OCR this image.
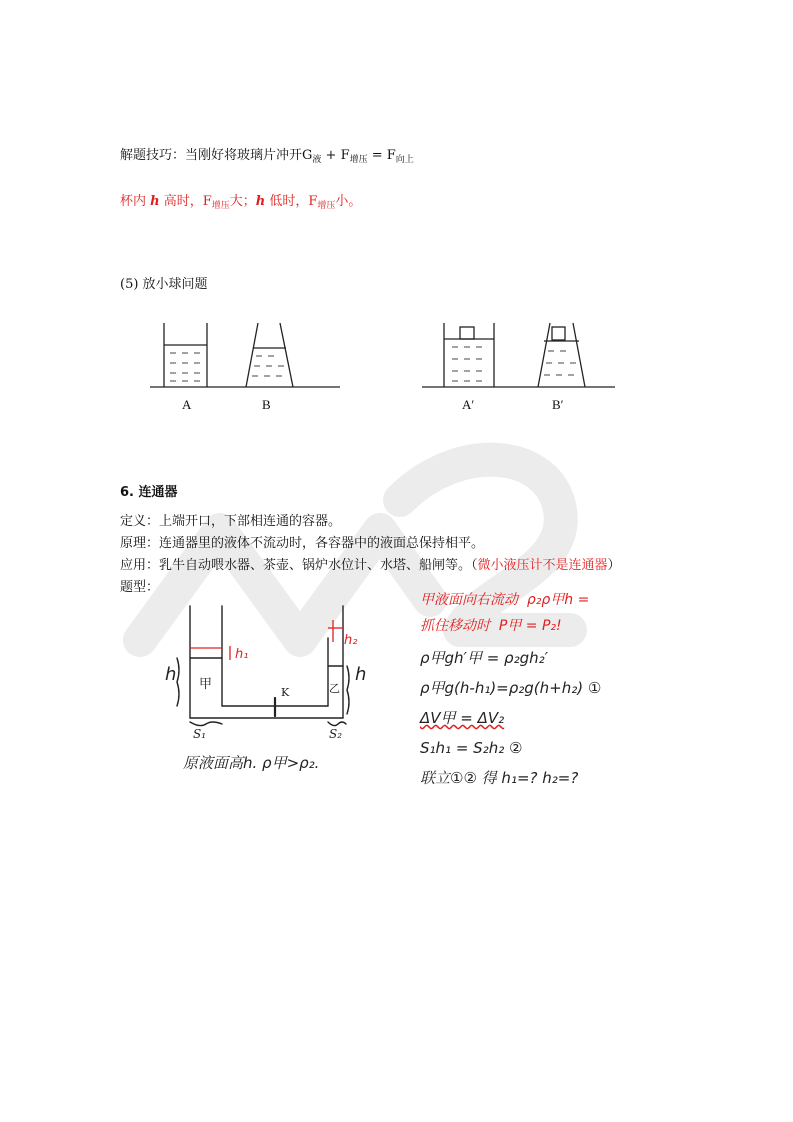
解题技巧：当刚好将玻璃片冲开$G_液 + F_{增压} = F_{向上}$
杯内 h 高时，$F_{增压}$大；h 低时，$F_{增压}$小。
(5) 放小球问题
A	B	A′	B′
6. 连通器
定义：上端开口，下部相连通的容器。
原理：连通器里的液体不流动时，各容器中的液面总保持相平。
应用：乳牛自动喂水器、茶壶、锅炉水位计、水塔、船闸等。（微小液压计不是连通器）
题型：
h
h₁
h₂
h
甲	乙
K
S₁	S₂
原液面高h. ρ甲>ρ₂.
甲液面向右流动 ρ₂ρ甲h =
抓住移动时 P甲 = P₂!
ρ甲gh′甲 = ρ₂gh₂′
ρ甲g(h-h₁)=ρ₂g(h+h₂) ①
ΔV甲 = ΔV₂
S₁h₁ = S₂h₂ ②
联立①② 得 h₁=? h₂=?
